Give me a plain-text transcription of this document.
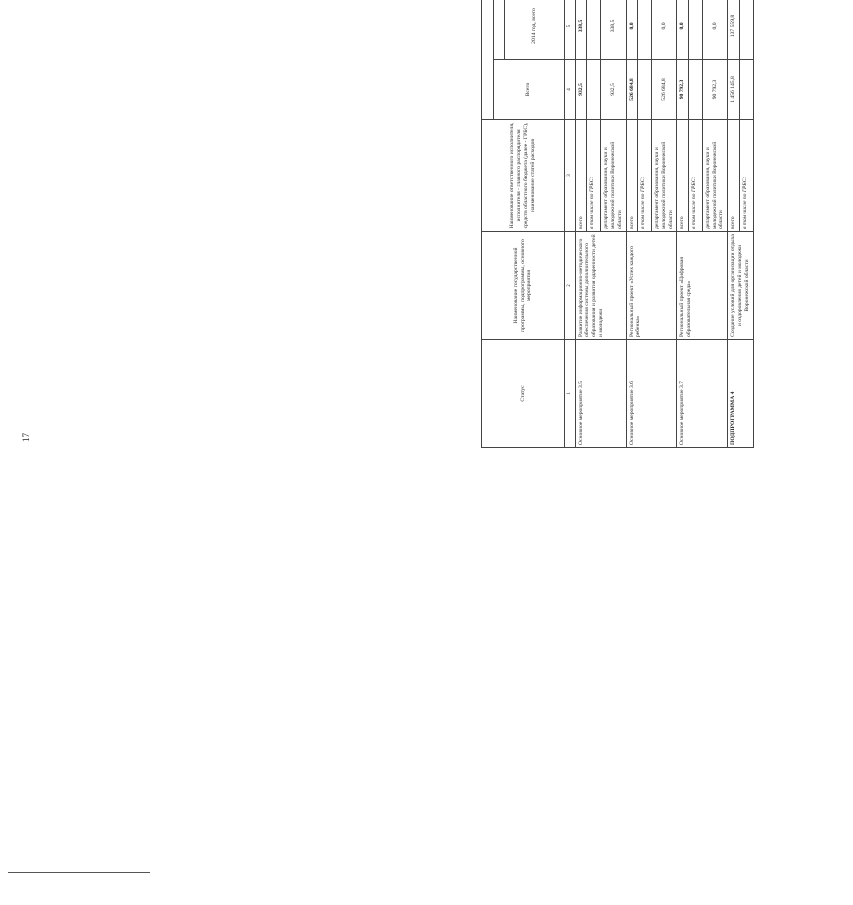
17
Статус	Наименование государственной программы, подпрограммы, основного мероприятия	Наименование ответственного исполнителя, исполнителя - главного распорядителя средств областного бюджета (далее - ГРБС), наименование статей расходов	
			Всего	
				2014 год, всего						
1	2	3	4	5						
Основное мероприятие 3.5	Развитие информационно-методического обеспечения системы дополнительного образования и развития одаренности детей и молодежи	всего	932,5	338,5						
		в том числе по ГРБС:								
		департамент образования, науки и молодежной политики Воронежской области	932,5	338,5						
Основное мероприятие 3.6	Региональный проект «Успех каждого ребенка»	всего	526 684,8	0,0						
		в том числе по ГРБС:								
		департамент образования, науки и молодежной политики Воронежской области	526 684,8	0,0						
Основное мероприятие 3.7	Региональный проект «Цифровая образовательная среда»	всего	90 792,3	0,0						
		в том числе по ГРБС:								
		департамент образования, науки и молодежной политики Воронежской области	90 792,3	0,0						
ПОДПРОГРАММА 4	Создание условий для организации отдыха и оздоровления детей и молодежи Воронежской области	всего	1 456 145,8	137 559,8						
		в том числе по ГРБС:								
